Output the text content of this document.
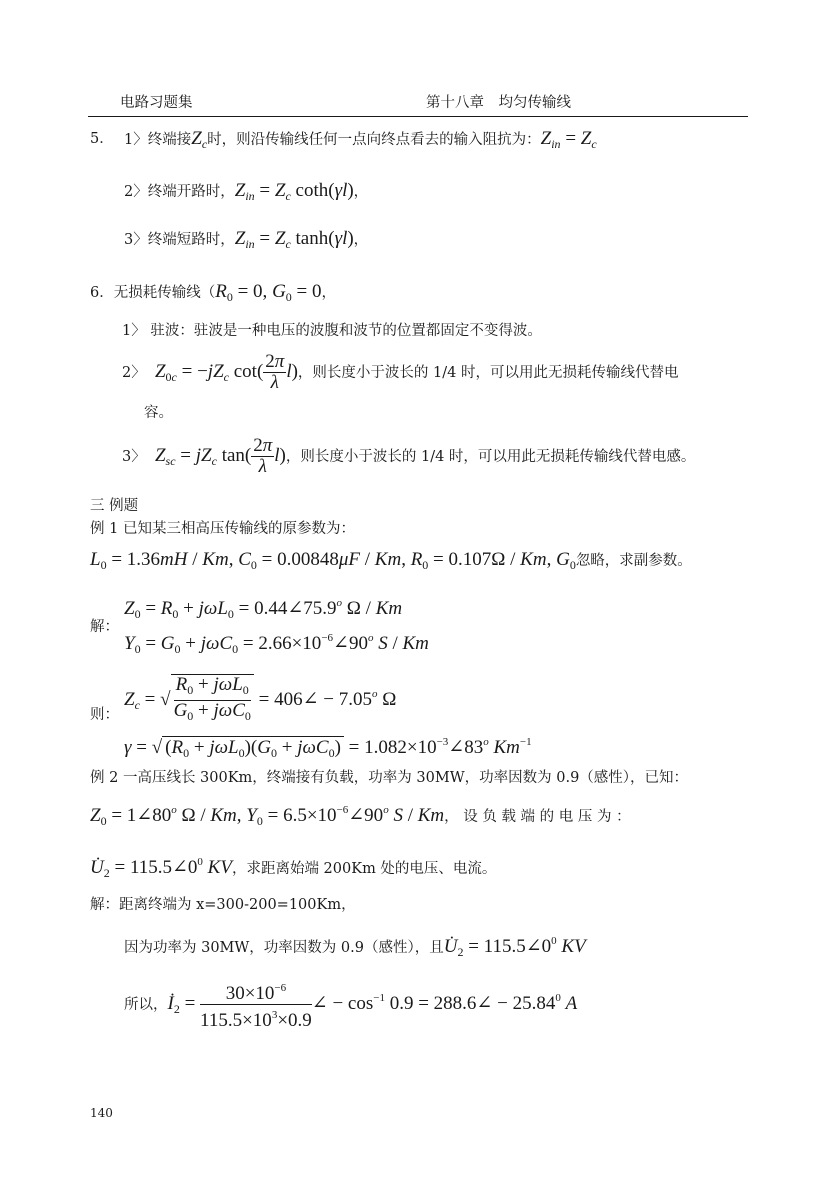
电路习题集	第十八章　均匀传输线
5． 1〉终端接$Z_c$时，则沿传输线任何一点向终点看去的输入阻抗为：$Z_{in} = Z_c$
2〉终端开路时，$Z_{in} = Z_c$ coth(γl)，
3〉终端短路时，$Z_{in} = Z_c$ tanh(γl)，
6．无损耗传输线（$R_0 = 0$, $G_0 = 0$，
1〉 驻波：驻波是一种电压的波腹和波节的位置都固定不变得波。
2〉 $Z_{0c} = -jZ_c$ $\cot( \frac{2\pi}{\lambda} l)$，则长度小于波长的 1/4 时，可以用此无损耗传输线代替电
容。
3〉 $Z_{sc} = jZ_c$ $\tan( \frac{2\pi}{\lambda} l)$，则长度小于波长的 1/4 时，可以用此无损耗传输线代替电感。
三 例题
例 1 已知某三相高压传输线的原参数为：
$L_0 = 1.36mH / Km$, $C_0 = 0.00848\mu F / Km$, $R_0 = 0.107\Omega / Km$, $G_0$忽略，求副参数。
解：
$Z_0 = R_0 + j\omega L_0$ = $0.44\angle 75.9^o$ Ω / Km
$Y_0 = G_0 + j\omega C_0$ = $2.66\times 10^{-6}\angle 90^o$ S / Km
则：
$Z_c$ = √ $\frac{R_0 + j\omega L_0}{G_0 + j\omega C_0}$ = 406∠ − $7.05^o$ Ω
γ = √ $(R_0 + j\omega L_0)(G_0 + j\omega C_0)$ = $1.082\times 10^{-3}\angle 83^o$ $Km^{-1}$
例 2 一高压线长 300Km，终端接有负载，功率为 30MW，功率因数为 0.9（感性），已知：
$Z_0$ = $1\angle 80^o$ Ω / Km, $Y_0$ = $6.5\times 10^{-6}\angle 90^o$ S / Km， 设 负 载 端 的 电 压 为 ：
$U̇_2$ = $115.5\angle 0^0$ KV，求距离始端 200Km 处的电压、电流。
解：距离终端为 x=300-200=100Km，
因为功率为 30MW，功率因数为 0.9（感性），且$U̇_2$ = $115.5\angle 0^0$ KV
所以，$İ_2 = \frac{30\times 10^{-6}}{115.5\times 10^3\times 0.9}$ ∠ − $\cos^{-1} 0.9$ = 288.6∠ − $25.84^0$ A
140
